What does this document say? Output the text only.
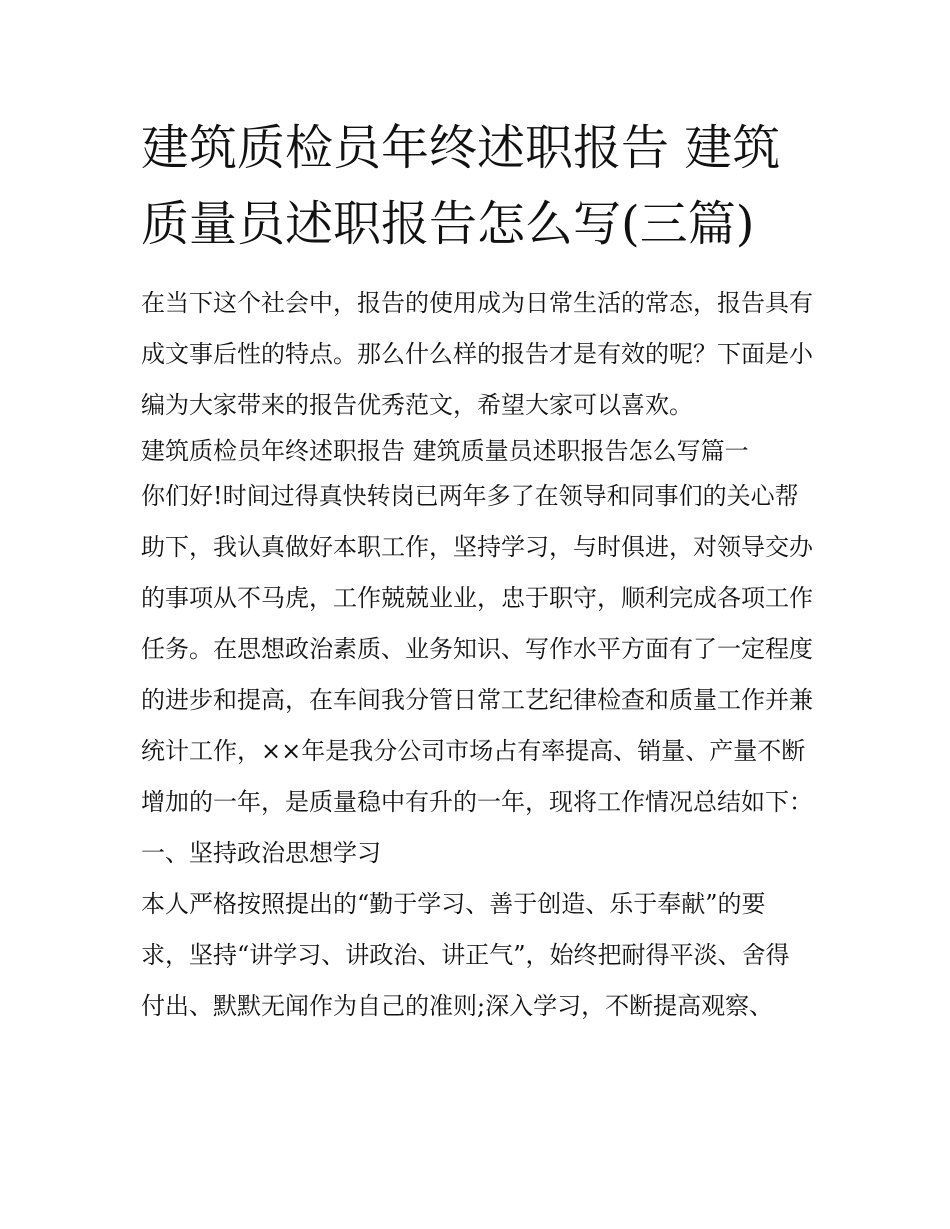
建筑质检员年终述职报告 建筑质量员述职报告怎么写(三篇)

在当下这个社会中，报告的使用成为日常生活的常态，报告具有成文事后性的特点。那么什么样的报告才是有效的呢？下面是小编为大家带来的报告优秀范文，希望大家可以喜欢。

建筑质检员年终述职报告 建筑质量员述职报告怎么写篇一

你们好!时间过得真快转岗已两年多了在领导和同事们的关心帮助下，我认真做好本职工作，坚持学习，与时俱进，对领导交办的事项从不马虎，工作兢兢业业，忠于职守，顺利完成各项工作任务。在思想政治素质、业务知识、写作水平方面有了一定程度的进步和提高，在车间我分管日常工艺纪律检查和质量工作并兼统计工作，××年是我分公司市场占有率提高、销量、产量不断增加的一年，是质量稳中有升的一年，现将工作情况总结如下：

一、坚持政治思想学习

本人严格按照提出的“勤于学习、善于创造、乐于奉献”的要求，坚持“讲学习、讲政治、讲正气”，始终把耐得平淡、舍得付出、默默无闻作为自己的准则;深入学习，不断提高观察、
